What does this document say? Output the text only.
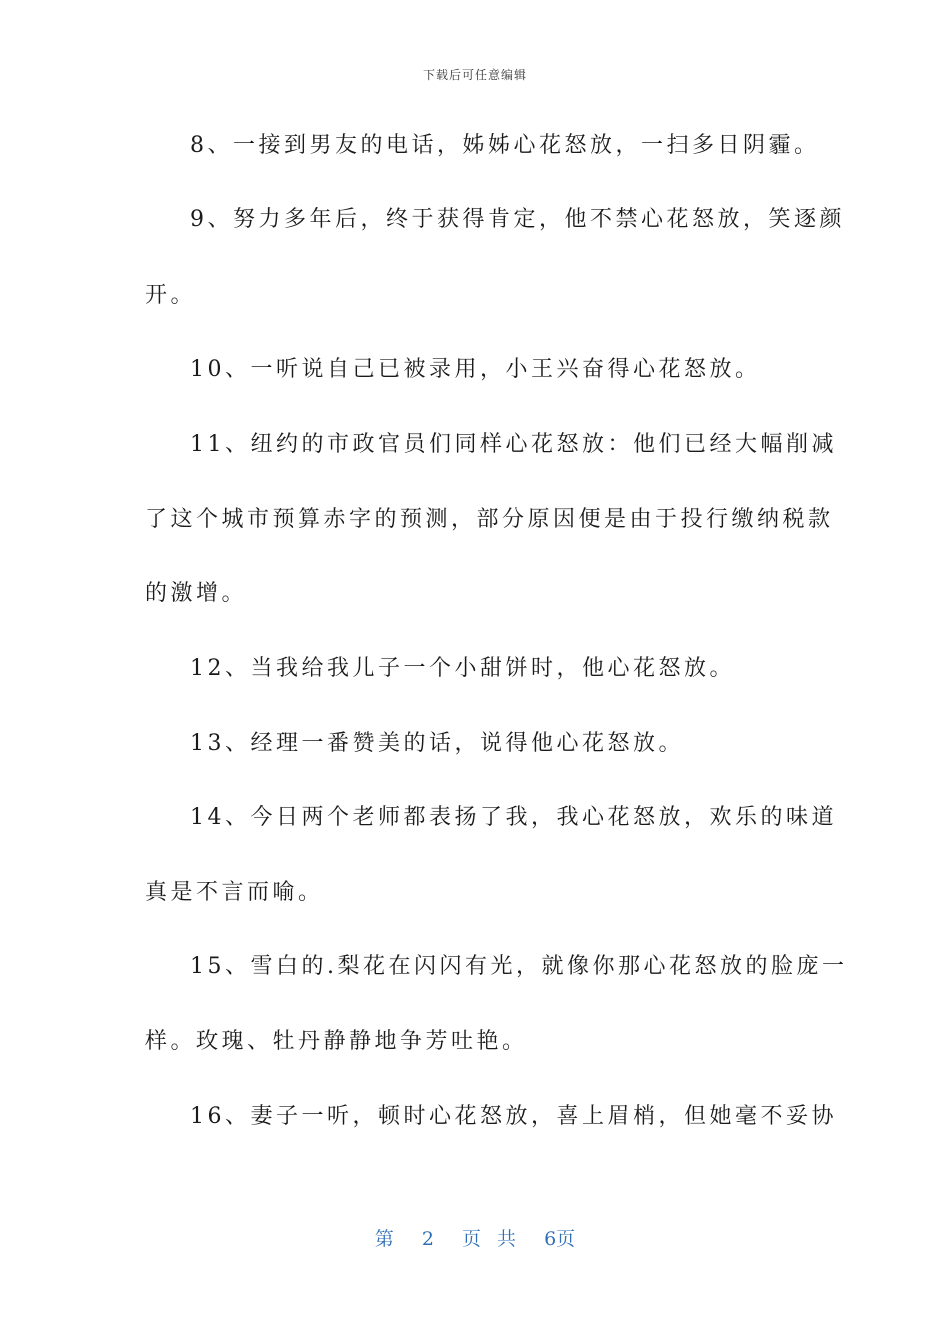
下载后可任意编辑
8、一接到男友的电话，姊姊心花怒放，一扫多日阴霾。
9、努力多年后，终于获得肯定，他不禁心花怒放，笑逐颜
开。
10、一听说自己已被录用，小王兴奋得心花怒放。
11、纽约的市政官员们同样心花怒放：他们已经大幅削减
了这个城市预算赤字的预测，部分原因便是由于投行缴纳税款
的激增。
12、当我给我儿子一个小甜饼时，他心花怒放。
13、经理一番赞美的话，说得他心花怒放。
14、今日两个老师都表扬了我，我心花怒放，欢乐的味道
真是不言而喻。
15、雪白的.梨花在闪闪有光，就像你那心花怒放的脸庞一
样。玫瑰、牡丹静静地争芳吐艳。
16、妻子一听，顿时心花怒放，喜上眉梢，但她毫不妥协
第 2 页 共 6页
